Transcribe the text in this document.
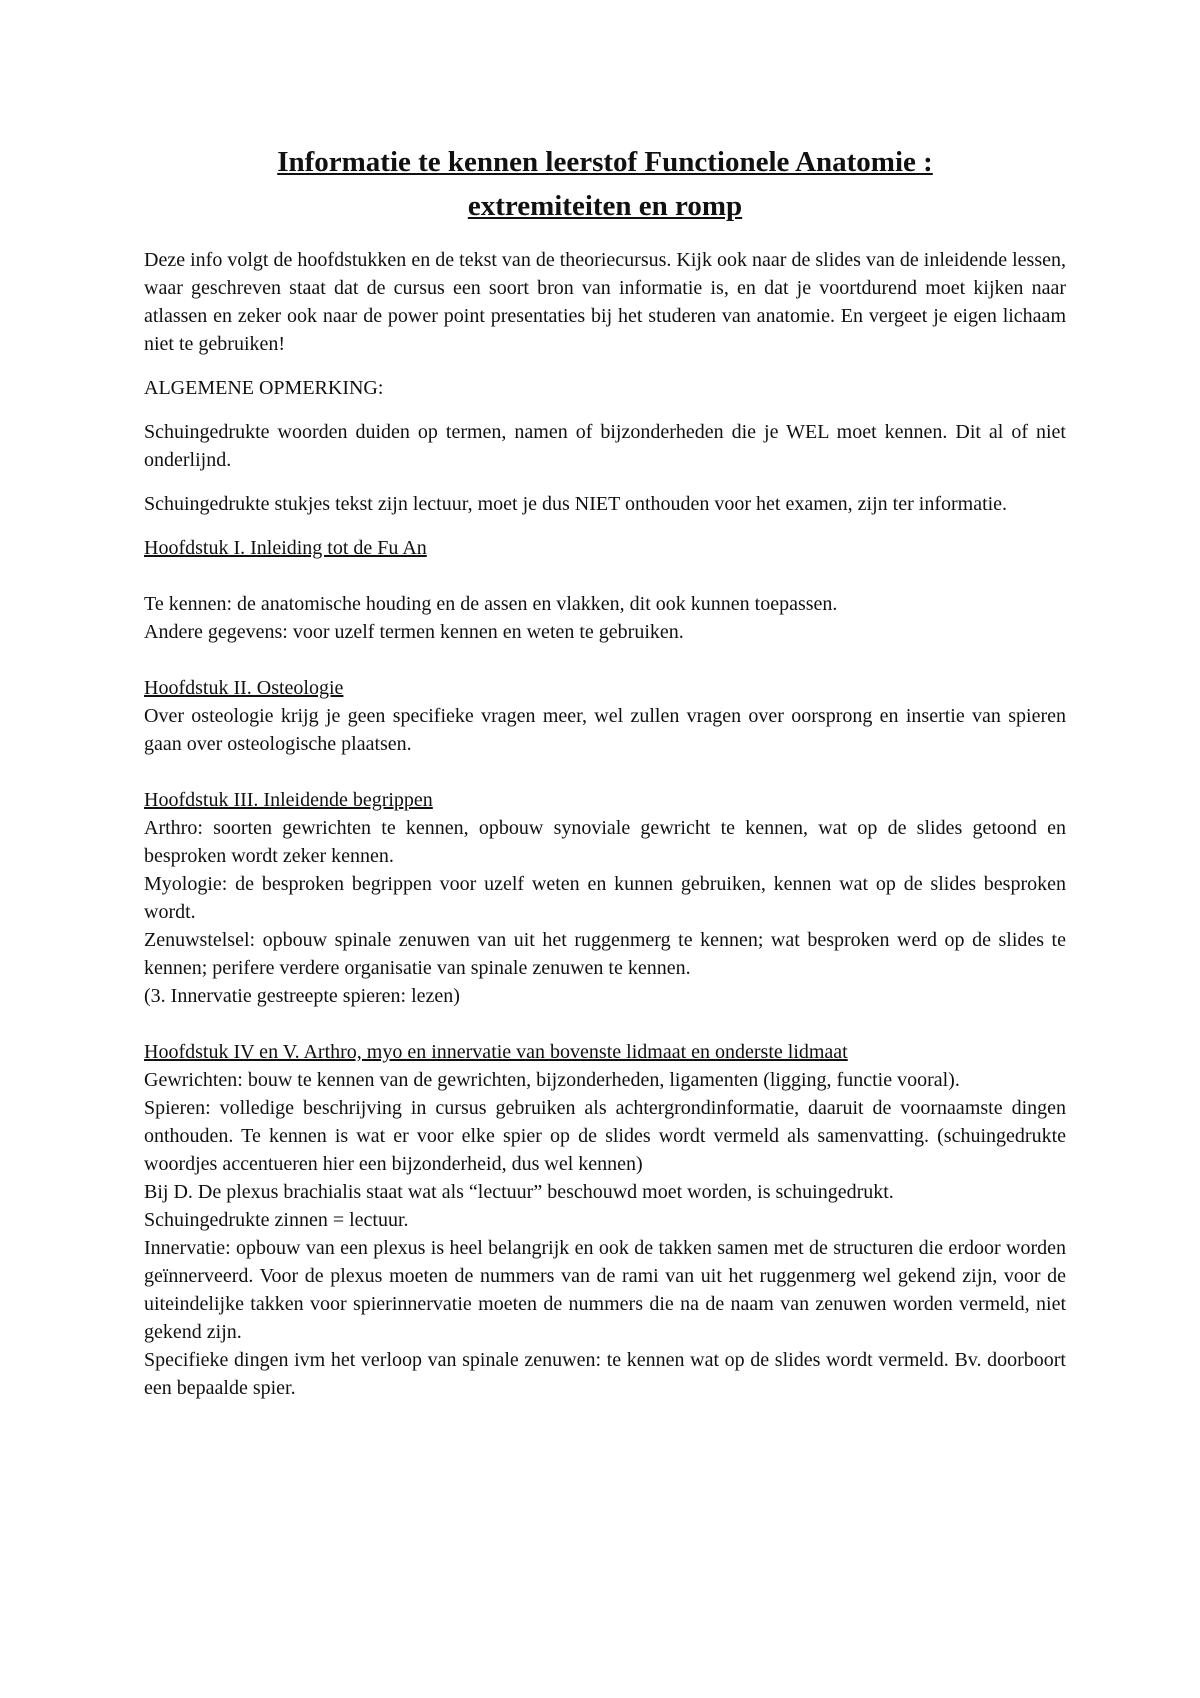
Informatie te kennen leerstof Functionele Anatomie :
extremiteiten en romp

Deze info volgt de hoofdstukken en de tekst van de theoriecursus. Kijk ook naar de slides van de inleidende lessen, waar geschreven staat dat de cursus een soort bron van informatie is, en dat je voortdurend moet kijken naar atlassen en zeker ook naar de power point presentaties bij het studeren van anatomie. En vergeet je eigen lichaam niet te gebruiken!

ALGEMENE OPMERKING:

Schuingedrukte woorden duiden op termen, namen of bijzonderheden die je WEL moet kennen. Dit al of niet onderlijnd.

Schuingedrukte stukjes tekst zijn lectuur, moet je dus NIET onthouden voor het examen, zijn ter informatie.

Hoofdstuk I. Inleiding tot de Fu An

Te kennen: de anatomische houding en de assen en vlakken, dit ook kunnen toepassen.

Andere gegevens: voor uzelf termen kennen en weten te gebruiken.

Hoofdstuk II. Osteologie

Over osteologie krijg je geen specifieke vragen meer, wel zullen vragen over oorsprong en insertie van spieren gaan over osteologische plaatsen.

Hoofdstuk III. Inleidende begrippen

Arthro: soorten gewrichten te kennen, opbouw synoviale gewricht te kennen, wat op de slides getoond en besproken wordt zeker kennen.

Myologie: de besproken begrippen voor uzelf weten en kunnen gebruiken, kennen wat op de slides besproken wordt.

Zenuwstelsel: opbouw spinale zenuwen van uit het ruggenmerg te kennen; wat besproken werd op de slides te kennen; perifere verdere organisatie van spinale zenuwen te kennen.

(3. Innervatie gestreepte spieren: lezen)

Hoofdstuk IV en V. Arthro, myo en innervatie van bovenste lidmaat en onderste lidmaat

Gewrichten: bouw te kennen van de gewrichten, bijzonderheden, ligamenten (ligging, functie vooral).

Spieren: volledige beschrijving in cursus gebruiken als achtergrondinformatie, daaruit de voornaamste dingen onthouden. Te kennen is wat er voor elke spier op de slides wordt vermeld als samenvatting. (schuingedrukte woordjes accentueren hier een bijzonderheid, dus wel kennen)

Bij D. De plexus brachialis staat wat als “lectuur” beschouwd moet worden, is schuingedrukt.

Schuingedrukte zinnen = lectuur.

Innervatie: opbouw van een plexus is heel belangrijk en ook de takken samen met de structuren die erdoor worden geïnnerveerd. Voor de plexus moeten de nummers van de rami van uit het ruggenmerg wel gekend zijn, voor de uiteindelijke takken voor spierinnervatie moeten de nummers die na de naam van zenuwen worden vermeld, niet gekend zijn.

Specifieke dingen ivm het verloop van spinale zenuwen: te kennen wat op de slides wordt vermeld. Bv. doorboort een bepaalde spier.
